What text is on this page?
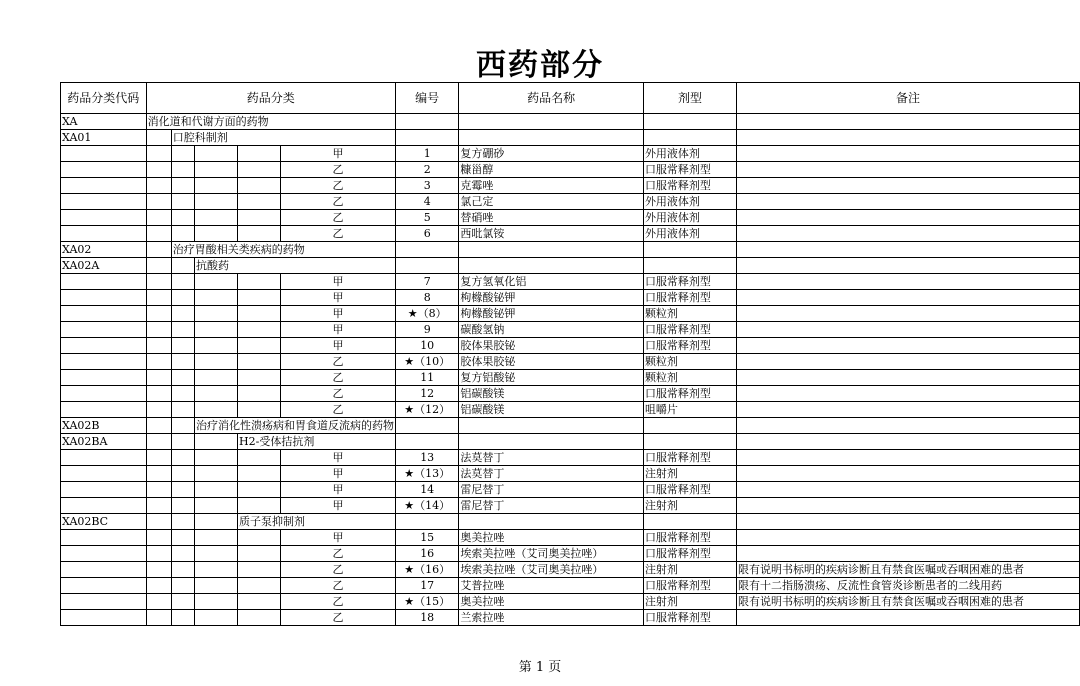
西药部分
药品分类代码	药品分类					编号	药品名称	剂型	备注
XA	消化道和代谢方面的药物								
XA01		口腔科制剂							
					甲	1	复方硼砂	外用液体剂	
					乙	2	糠甾醇	口服常释剂型	
					乙	3	克霉唑	口服常释剂型	
					乙	4	氯己定	外用液体剂	
					乙	5	替硝唑	外用液体剂	
					乙	6	西吡氯铵	外用液体剂	
XA02		治疗胃酸相关类疾病的药物							
XA02A			抗酸药						
					甲	7	复方氢氧化铝	口服常释剂型	
					甲	8	枸橼酸铋钾	口服常释剂型	
					甲	★（8）	枸橼酸铋钾	颗粒剂	
					甲	9	碳酸氢钠	口服常释剂型	
					甲	10	胶体果胶铋	口服常释剂型	
					乙	★（10）	胶体果胶铋	颗粒剂	
					乙	11	复方铝酸铋	颗粒剂	
					乙	12	铝碳酸镁	口服常释剂型	
					乙	★（12）	铝碳酸镁	咀嚼片	
XA02B			治疗消化性溃疡病和胃食道反流病的药物						
XA02BA				H2-受体拮抗剂					
					甲	13	法莫替丁	口服常释剂型	
					甲	★（13）	法莫替丁	注射剂	
					甲	14	雷尼替丁	口服常释剂型	
					甲	★（14）	雷尼替丁	注射剂	
XA02BC				质子泵抑制剂					
					甲	15	奥美拉唑	口服常释剂型	
					乙	16	埃索美拉唑（艾司奥美拉唑）	口服常释剂型	
					乙	★（16）	埃索美拉唑（艾司奥美拉唑）	注射剂	限有说明书标明的疾病诊断且有禁食医嘱或吞咽困难的患者
					乙	17	艾普拉唑	口服常释剂型	限有十二指肠溃疡、反流性食管炎诊断患者的二线用药
					乙	★（15）	奥美拉唑	注射剂	限有说明书标明的疾病诊断且有禁食医嘱或吞咽困难的患者
					乙	18	兰索拉唑	口服常释剂型	
第 1 页
